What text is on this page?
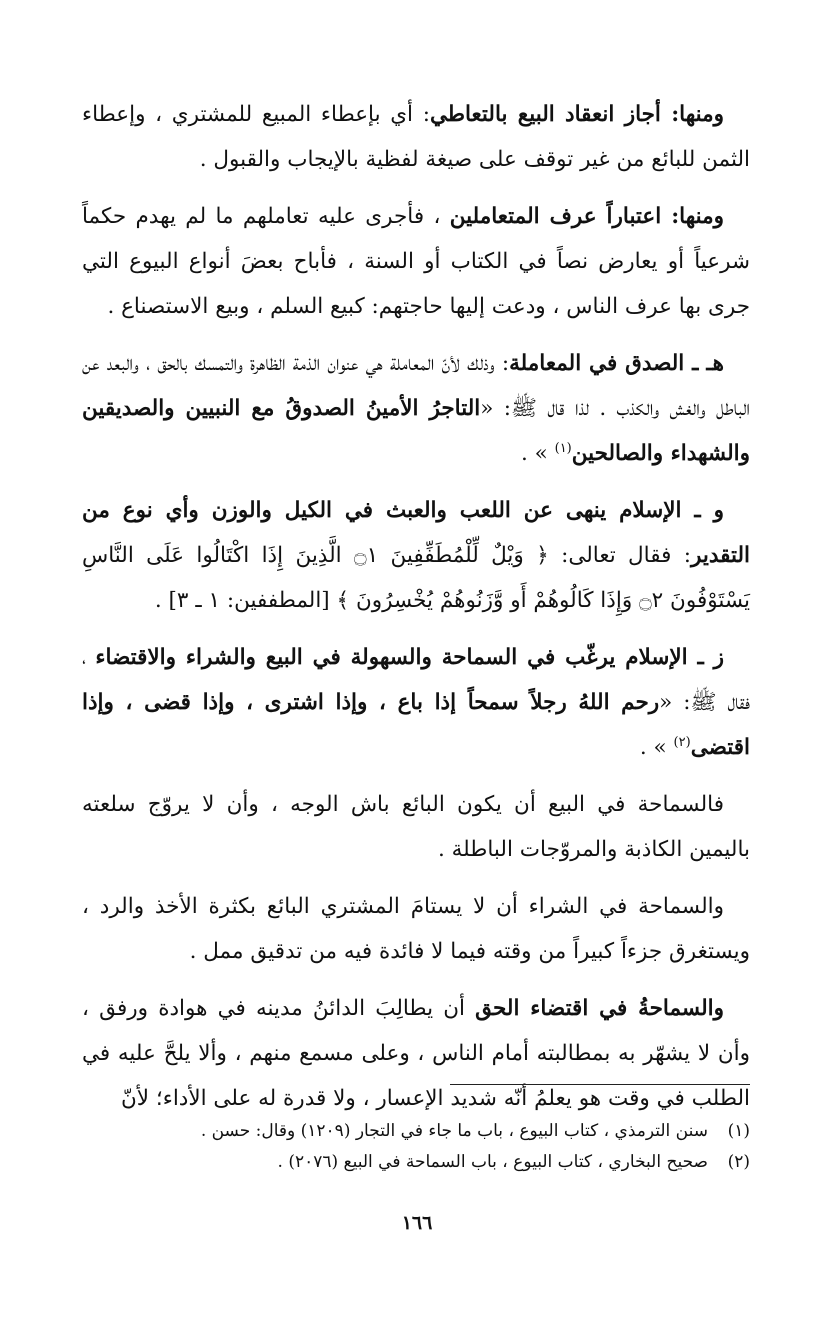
ومنها: أجاز انعقاد البيع بالتعاطي: أي بإعطاء المبيع للمشتري ، وإعطاء الثمن للبائع من غير توقف على صيغة لفظية بالإيجاب والقبول .

ومنها: اعتباراً عرف المتعاملين ، فأجرى عليه تعاملهم ما لم يهدم حكماً شرعياً أو يعارض نصاً في الكتاب أو السنة ، فأباح بعضَ أنواع البيوع التي جرى بها عرف الناس ، ودعت إليها حاجتهم: كبيع السلم ، وبيع الاستصناع .

هـ ـ الصدق في المعاملة: وذلك لأنّ المعاملة هي عنوان الذمة الظاهرة والتمسك بالحق ، والبعد عن الباطل والغش والكذب . لذا قال ﷺ: «التاجرُ الأمينُ الصدوقُ مع النبيين والصديقين والشهداء والصالحين$^{(١)}$ » .

و ـ الإسلام ينهى عن اللعب والعبث في الكيل والوزن وأي نوع من التقدير: فقال تعالى: ﴿ وَيْلٌ لِّلْمُطَفِّفِينَ ۝١ الَّذِينَ إِذَا اكْتَالُوا عَلَى النَّاسِ يَسْتَوْفُونَ ۝٢ وَإِذَا كَالُوهُمْ أَو وَّزَنُوهُمْ يُخْسِرُونَ ﴾ [المطففين: ١ ـ ٣] .

ز ـ الإسلام يرغّب في السماحة والسهولة في البيع والشراء والاقتضاء ، فقال ﷺ: «رحم اللهُ رجلاً سمحاً إذا باع ، وإذا اشترى ، وإذا قضى ، وإذا اقتضى$^{(٢)}$ » .

فالسماحة في البيع أن يكون البائع باش الوجه ، وأن لا يروّج سلعته باليمين الكاذبة والمروّجات الباطلة .

والسماحة في الشراء أن لا يستامَ المشتري البائع بكثرة الأخذ والرد ، ويستغرق جزءاً كبيراً من وقته فيما لا فائدة فيه من تدقيق ممل .

والسماحةُ في اقتضاء الحق أن يطالِبَ الدائنُ مدينه في هوادة ورفق ، وأن لا يشهّر به بمطالبته أمام الناس ، وعلى مسمع منهم ، وألا يلحَّ عليه في الطلب في وقت هو يعلمُ أنّه شديد الإعسار ، ولا قدرة له على الأداء؛ لأنّ

(١)
سنن الترمذي ، كتاب البيوع ، باب ما جاء في التجار (١٢٠٩) وقال: حسن .
(٢)
صحيح البخاري ، كتاب البيوع ، باب السماحة في البيع (٢٠٧٦) .
١٦٦
